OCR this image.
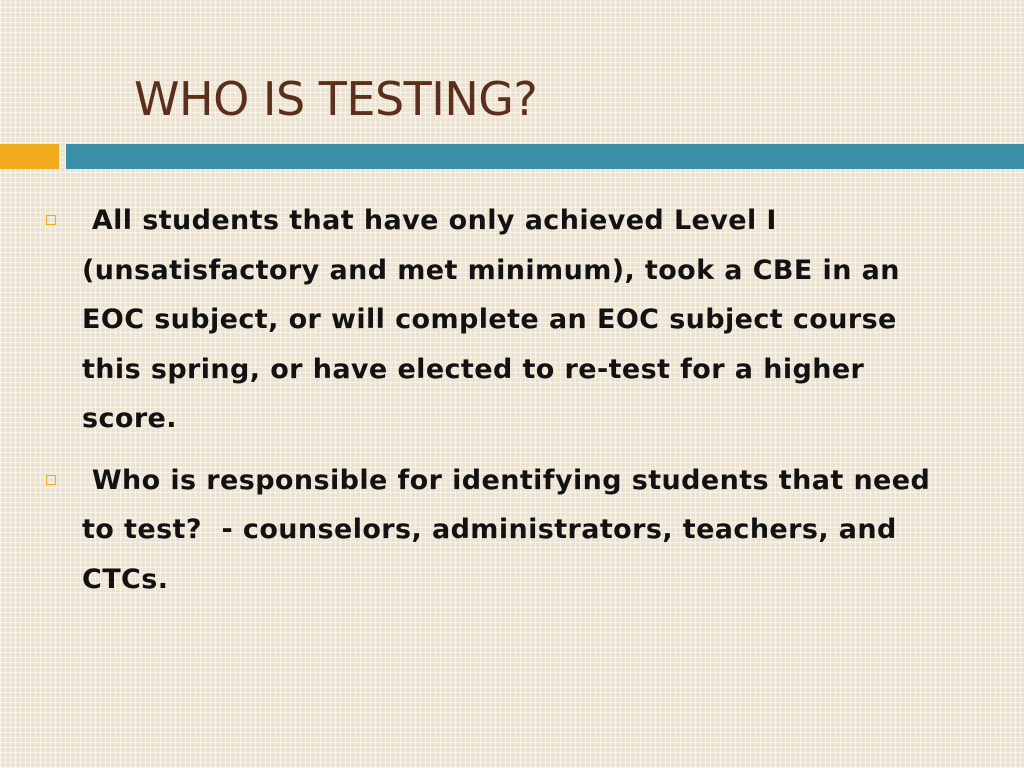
WHO IS TESTING?
All students that have only achieved Level I (unsatisfactory and met minimum), took a CBE in an EOC subject, or will complete an EOC subject course this spring, or have elected to re-test for a higher score.
Who is responsible for identifying students that need to test?  - counselors, administrators, teachers, and CTCs.
